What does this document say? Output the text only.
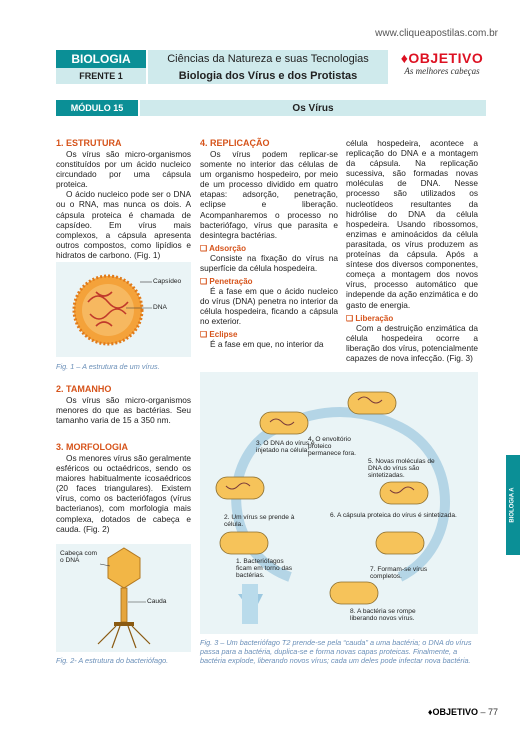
www.cliqueapostilas.com.br
BIOLOGIA
FRENTE 1
Ciências da Natureza e suas Tecnologias
Biologia dos Vírus e dos Protistas
♦OBJETIVO
As melhores cabeças
MÓDULO 15	Os Vírus
1. ESTRUTURA

Os vírus são micro-organismos constituídos por um ácido nucleico circundado por uma cápsula proteica.

O ácido nucleico pode ser o DNA ou o RNA, mas nunca os dois. A cápsula proteica é chamada de capsídeo. Em vírus mais complexos, a cápsula apresenta outros compostos, como lipídios e hidratos de carbono. (Fig. 1)

Capsídeo
DNA
Fig. 1 – A estrutura de um vírus.
2. TAMANHO

Os vírus são micro-organismos menores do que as bactérias. Seu tamanho varia de 15 a 350 nm.

3. MORFOLOGIA

Os menores vírus são geralmente esféricos ou octaédricos, sendo os maiores habitualmente icosaédricos (20 faces triangulares). Existem vírus, como os bacteriófagos (vírus bacterianos), com morfologia mais complexa, dotados de cabeça e cauda. (Fig. 2)

Cabeça com o DNA
Cauda
Fig. 2- A estrutura do bacteriófago.
4. REPLICAÇÃO

Os vírus podem replicar-se somente no interior das células de um organismo hospedeiro, por meio de um processo dividido em quatro etapas: adsorção, penetração, eclipse e liberação. Acompanharemos o processo no bacteriófago, vírus que parasita e desintegra bactérias.

❑ Adsorção

Consiste na fixação do vírus na superfície da célula hospedeira.

❑ Penetração

É a fase em que o ácido nucleico do vírus (DNA) penetra no interior da célula hospedeira, ficando a cápsula no exterior.

❑ Eclipse

É a fase em que, no interior da

célula hospedeira, acontece a replicação do DNA e a montagem da cápsula. Na replicação sucessiva, são formadas novas moléculas de DNA. Nesse processo são utilizados os nucleotídeos resultantes da hidrólise do DNA da célula hospedeira. Usando ribossomos, enzimas e aminoácidos da célula parasitada, os vírus produzem as proteínas da cápsula. Após a síntese dos diversos componentes, começa a montagem dos novos vírus, processo automático que independe da ação enzimática e do gasto de energia.

❑ Liberação

Com a destruição enzimática da célula hospedeira ocorre a liberação dos vírus, potencialmente capazes de nova infecção. (Fig. 3)

3. O DNA do vírus é injetado na célula.
4. O envoltório proteico permanece fora.
5. Novas moléculas de DNA do vírus são sintetizadas.
2. Um vírus se prende à célula.
6. A cápsula proteica do vírus é sintetizada.
1. Bacteriófagos ficam em torno das bactérias.
7. Formam-se vírus completos.
8. A bactéria se rompe liberando novos vírus.
Fig. 3 – Um bacteriófago T2 prende-se pela “cauda” a uma bactéria; o DNA do vírus passa para a bactéria, duplica-se e forma novas capas proteicas. Finalmente, a bactéria explode, liberando novos vírus; cada um deles pode infectar nova bactéria.
BIOLOGIA A
♦OBJETIVO – 77
